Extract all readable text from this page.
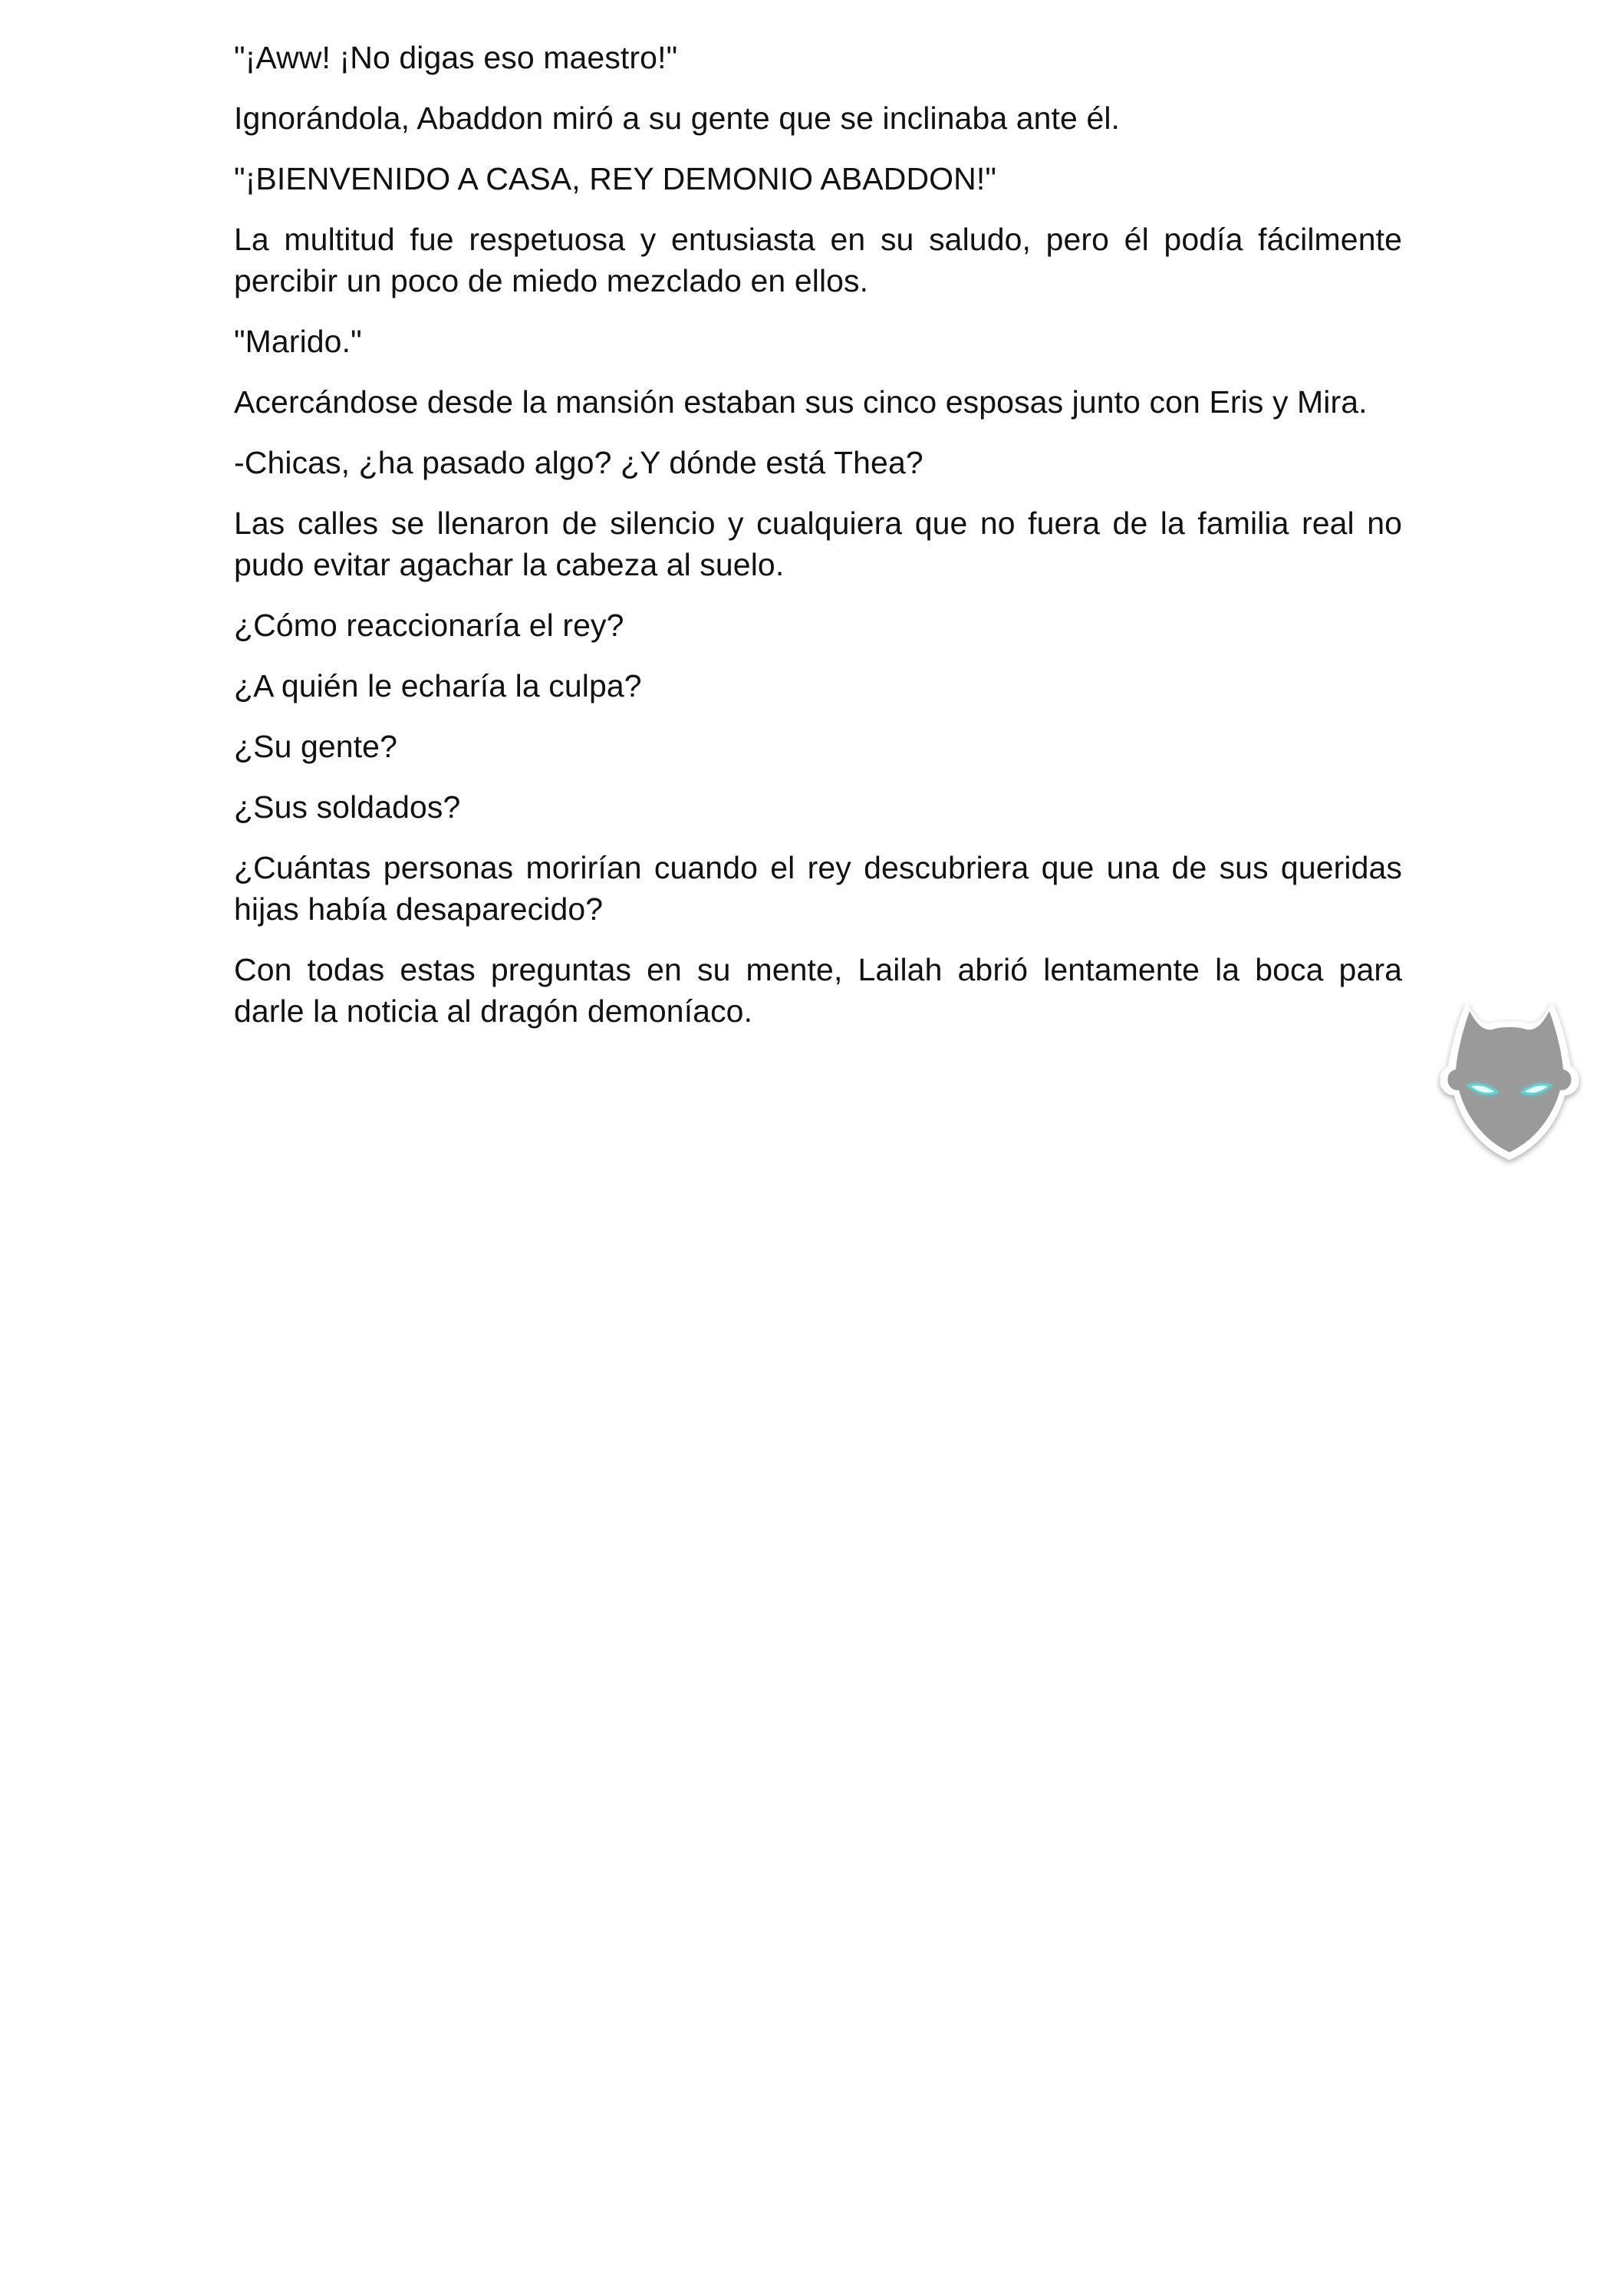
"¡Aww! ¡No digas eso maestro!"

Ignorándola, Abaddon miró a su gente que se inclinaba ante él.

"¡BIENVENIDO A CASA, REY DEMONIO ABADDON!"

La multitud fue respetuosa y entusiasta en su saludo, pero él podía fácilmente percibir un poco de miedo mezclado en ellos.

"Marido."

Acercándose desde la mansión estaban sus cinco esposas junto con Eris y Mira.

-Chicas, ¿ha pasado algo? ¿Y dónde está Thea?

Las calles se llenaron de silencio y cualquiera que no fuera de la familia real no pudo evitar agachar la cabeza al suelo.

¿Cómo reaccionaría el rey?

¿A quién le echaría la culpa?

¿Su gente?

¿Sus soldados?

¿Cuántas personas morirían cuando el rey descubriera que una de sus queridas hijas había desaparecido?

Con todas estas preguntas en su mente, Lailah abrió lentamente la boca para darle la noticia al dragón demoníaco.
